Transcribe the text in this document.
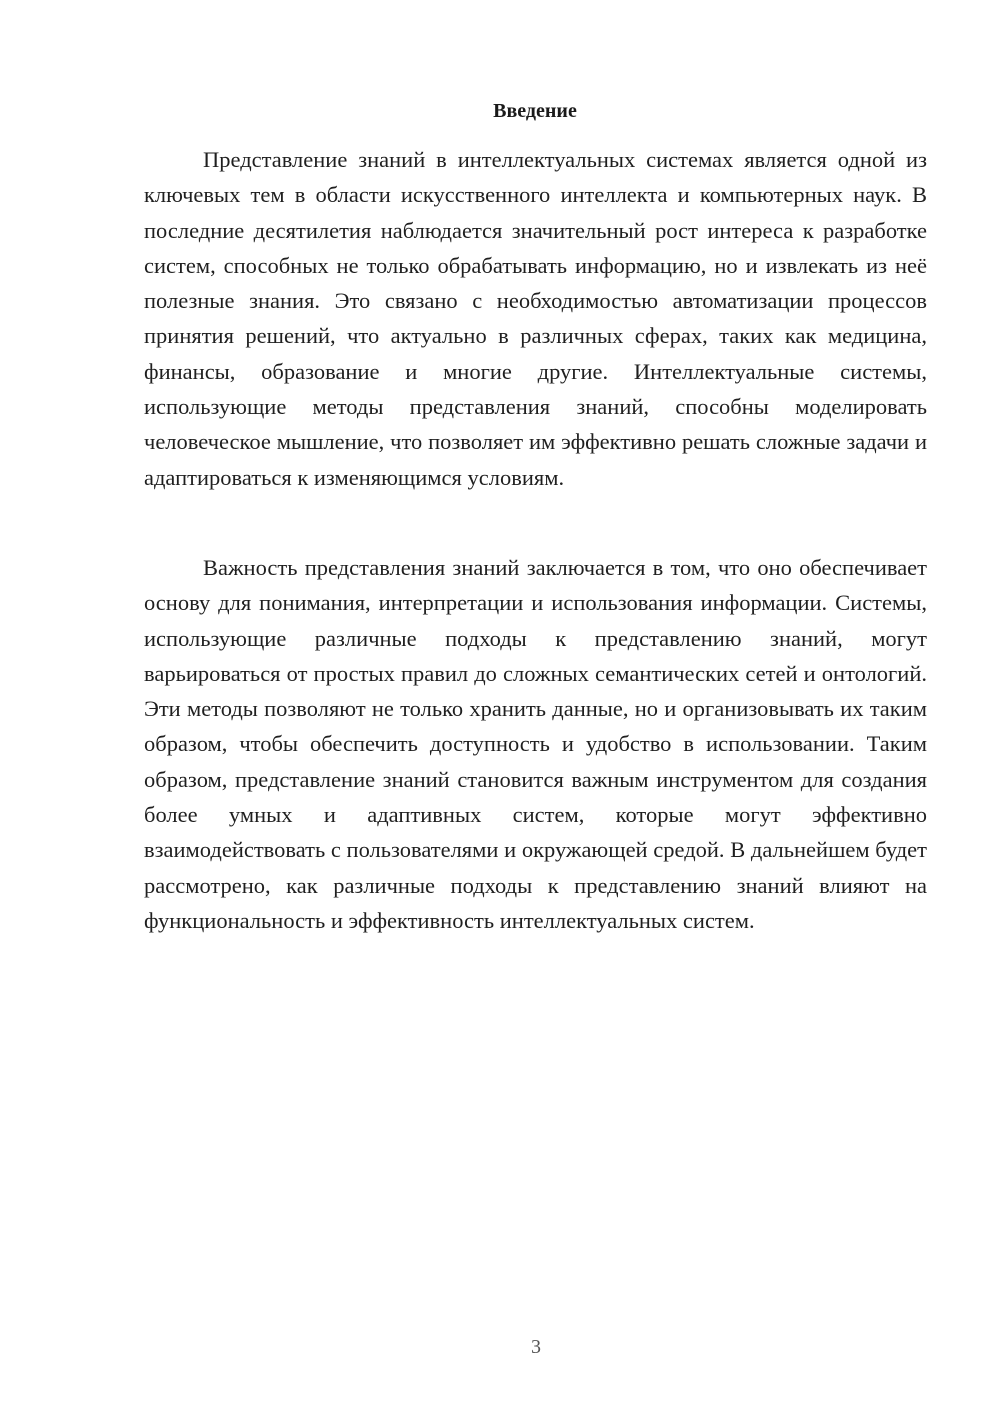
Введение

Представление знаний в интеллектуальных системах является одной из ключевых тем в области искусственного интеллекта и компьютерных наук. В последние десятилетия наблюдается значительный рост интереса к разработке систем, способных не только обрабатывать информацию, но и извлекать из неё полезные знания. Это связано с необходимостью автоматизации процессов принятия решений, что актуально в различных сферах, таких как медицина, финансы, образование и многие другие. Интеллектуальные системы, использующие методы представления знаний, способны моделировать человеческое мышление, что позволяет им эффективно решать сложные задачи и адаптироваться к изменяющимся условиям.

Важность представления знаний заключается в том, что оно обеспечивает основу для понимания, интерпретации и использования информации. Системы, использующие различные подходы к представлению знаний, могут варьироваться от простых правил до сложных семантических сетей и онтологий. Эти методы позволяют не только хранить данные, но и организовывать их таким образом, чтобы обеспечить доступность и удобство в использовании. Таким образом, представление знаний становится важным инструментом для создания более умных и адаптивных систем, которые могут эффективно взаимодействовать с пользователями и окружающей средой. В дальнейшем будет рассмотрено, как различные подходы к представлению знаний влияют на функциональность и эффективность интеллектуальных систем.

3
